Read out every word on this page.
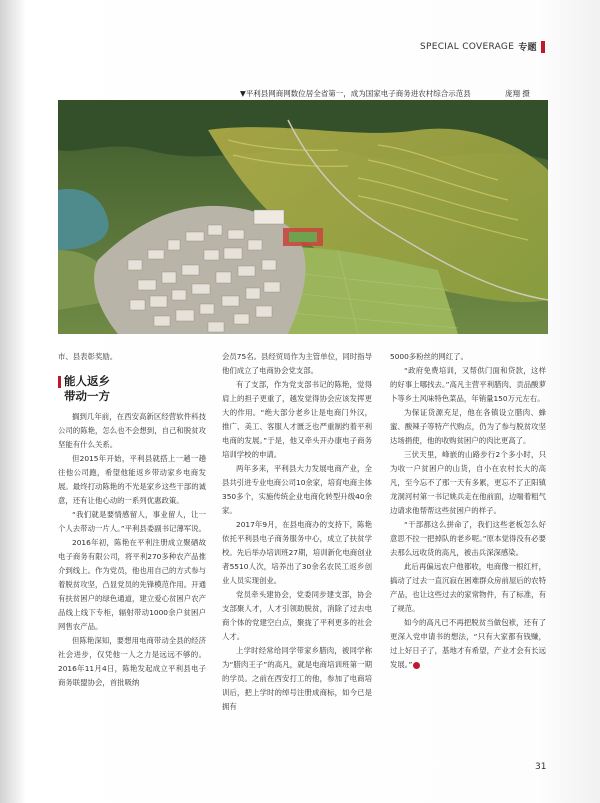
SPECIAL COVERAGE 专题
▼平利县网商网数位居全省第一，成为国家电子商务进农村综合示范县	庞翔 摄

市、县表彰奖励。

能人返乡
带动一方

搁到几年前，在西安高新区经营软件科技公司的陈艳，怎么也不会想到，自己和脱贫攻坚能有什么关系。

但2015年开始，平利县就搭上一趟一趟往他公司跑，希望他能返乡带动家乡电商发展。最终打动陈艳的不光是家乡这些干部的诚意，还有让他心动的一系列优惠政策。

“我们就是要情感留人，事业留人，让一个人去带动一片人。”平利县委副书记薄军说。

2016年初，陈艳在平利注册成立聚硒故电子商务有限公司，将平利270多种农产品推介到线上。作为党员，他也用自己的方式参与着脱贫攻坚，凸显党员的先锋模范作用。开通有扶贫困户的绿色通道，建立爱心贫困户农产品线上线下专柜，辐射带动1000余户贫困户网售农产品。

但陈艳深知，要想用电商带动全县的经济社会进步，仅凭他一人之力是远远不够的。2016年11月4日，陈艳发起成立平利县电子商务联盟协会，首批吸纳

会员75名。县经贸局作为主管单位，同时指导他们成立了电商协会党支部。

有了支部，作为党支部书记的陈艳，觉得肩上的担子更重了，越发觉得协会应该发挥更大的作用。“绝大部分老乡让是电商门外汉，推广、美工、客服人才匮乏也严重制约着平利电商的发展。”于是，他又牵头开办康电子商务培训学校的申请。

两年多来，平利县大力发展电商产业，全县共引进专业电商公司10余家，培育电商主体350多个，实施传统企业电商化转型升级40余家。

2017年9月，在县电商办的支持下，陈艳依托平利县电子商务服务中心，成立了扶贫学校。先后举办培训班27期，培训新化电商创业者5510人次，培养出了30余名农民工返乡创业人员实现创业。

党员牵头建协会，党委同步建支部，协会支部聚人才，人才引领助脱贫，消除了过去电商个体的党建空白点，聚拢了平利更多的社会人才。

上学时经常给同学带家乡腊肉，被同学称为“腊肉王子”的高凡，就是电商培训班第一期的学员。之前在西安打工的他，参加了电商培训后，把上学时的绰号注册成商标，如今已是拥有

5000多粉丝的网红了。

“政府免费培训，又帮供门面和贷款，这样的好事上哪找去。”高凡主营平利腊肉、贡品酸萝卜等乡土风味特色菜品，年销量150万元左右。

为保证货源充足，他在各镇设立腊肉、蜂蜜、酸辣子等特产代购点，仍为了参与脱贫攻坚达场捐使，他的收购贫困户的肉比更高了。

三伏天里，峰嵌的山路步行2个多小时，只为收一户贫困户的山货，自小在农村长大的高凡，至今忘不了那一天有多累，更忘不了正阳镇龙洞河村第一书记姚兵走在他前面，边喘着粗气边请求他帮帮这些贫困户的样子。

“干部都这么拼命了，我们这些老板怎么好意思不拉一把掉队的老乡呢。”原本觉得没有必要去那么远收货的高凡，被击兵深深感染。

此后再偏远农户他都收，电商像一根红杆，搞动了过去一直沉寂在困难群众房前屋后的农特产品，也让这些过去的家常物件，有了标准，有了规范。

如今的高凡已不再把脱贫当做包袱，还有了更深入党申请书的想法，“只有大家都有钱赚，过上好日子了，基地才有希望，产业才会有长远发展。”

31
